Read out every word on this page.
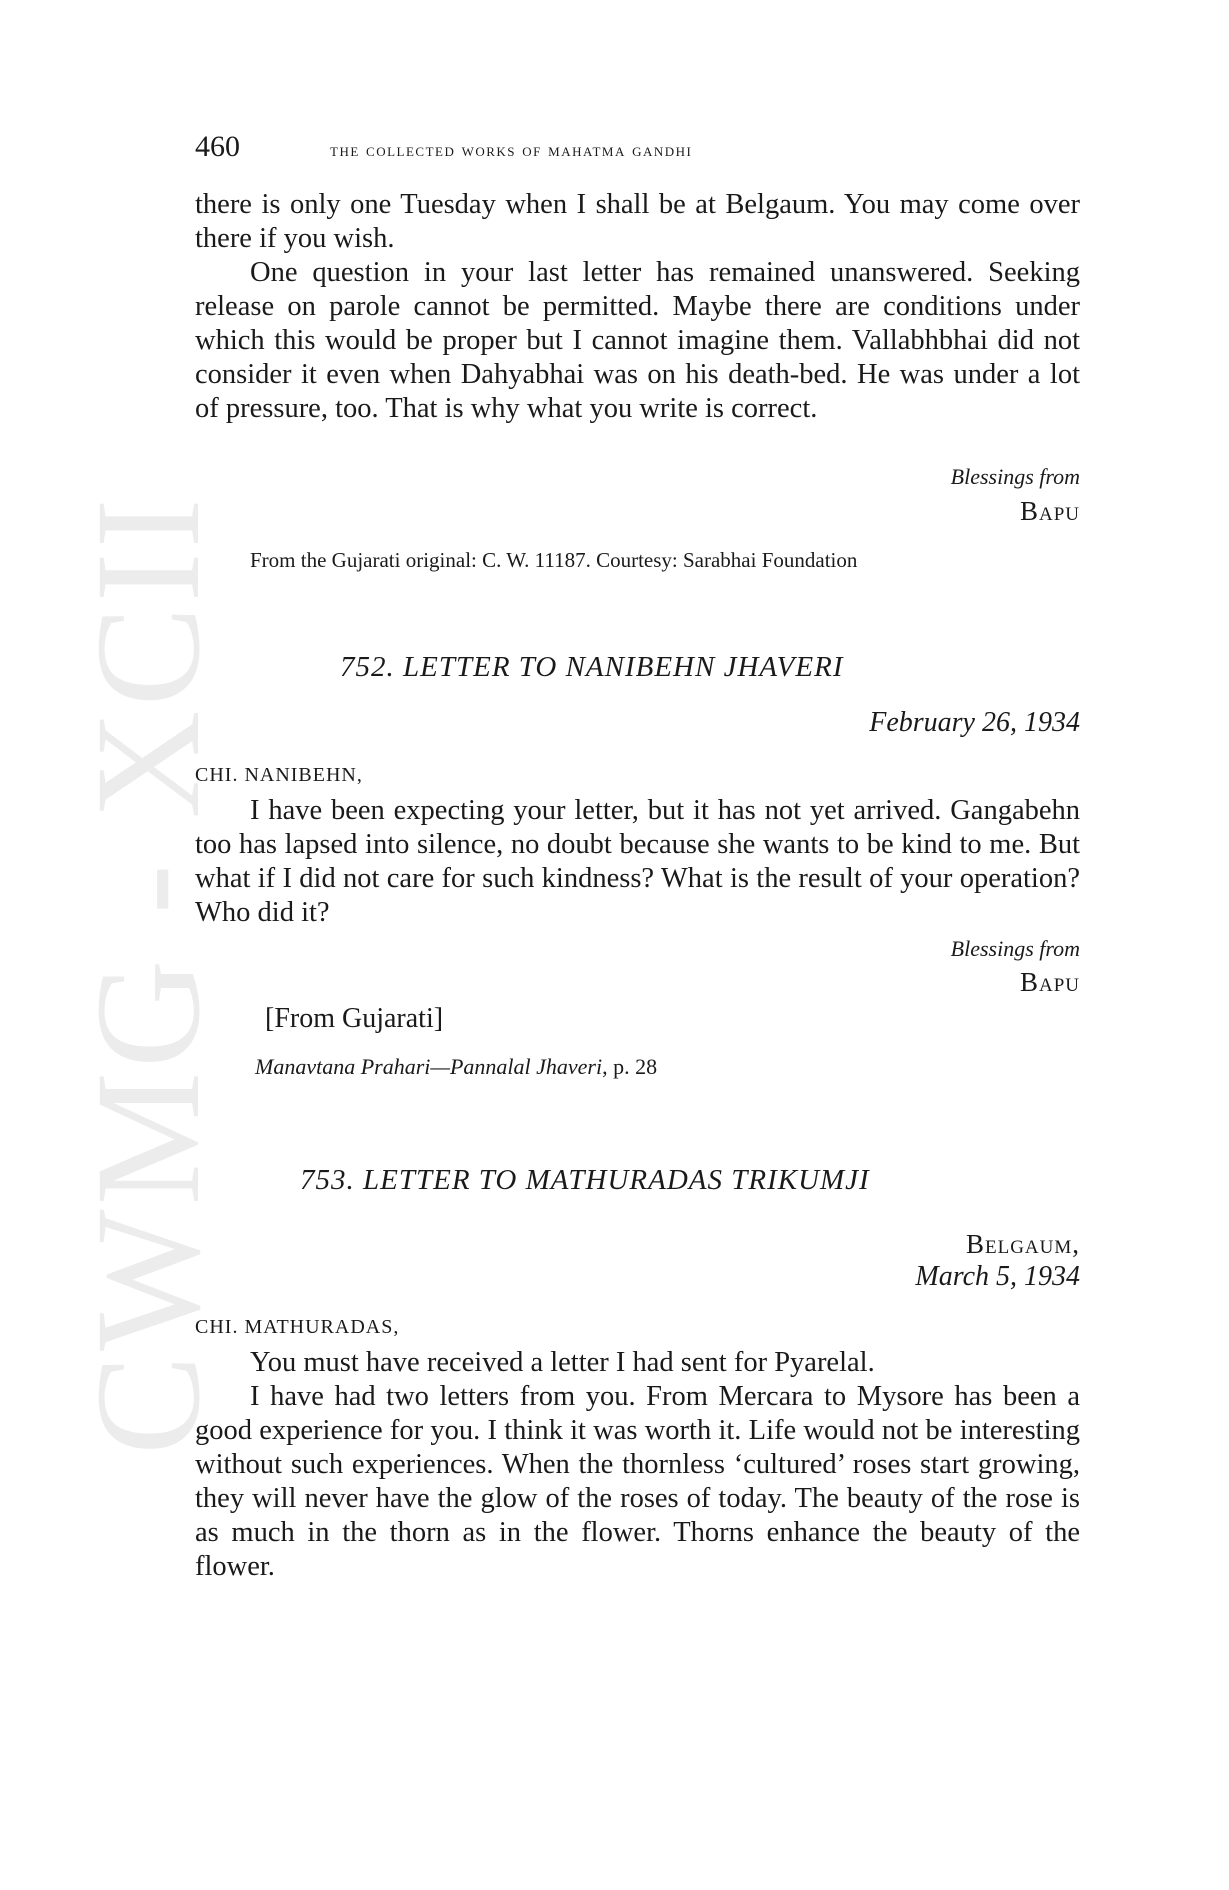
CWMG - XCII
460	the collected works of mahatma gandhi

there is only one Tuesday when I shall be at Belgaum. You may come over there if you wish.

One question in your last letter has remained unanswered. Seeking release on parole cannot be permitted. Maybe there are conditions under which this would be proper but I cannot imagine them. Vallabhbhai did not consider it even when Dahyabhai was on his death-bed. He was under a lot of pressure, too. That is why what you write is correct.

Blessings from
Bapu
From the Gujarati original: C. W. 11187. Courtesy: Sarabhai Foundation
752. LETTER TO NANIBEHN JHAVERI
February 26, 1934
CHI. NANIBEHN,

I have been expecting your letter, but it has not yet arrived. Gangabehn too has lapsed into silence, no doubt because she wants to be kind to me. But what if I did not care for such kindness? What is the result of your operation? Who did it?

Blessings from
Bapu
[From Gujarati]
Manavtana Prahari—Pannalal Jhaveri, p. 28
753. LETTER TO MATHURADAS TRIKUMJI
Belgaum,
March 5, 1934
CHI. MATHURADAS,

You must have received a letter I had sent for Pyarelal.

I have had two letters from you. From Mercara to Mysore has been a good experience for you. I think it was worth it. Life would not be interesting without such experiences. When the thornless ‘cultured’ roses start growing, they will never have the glow of the roses of today. The beauty of the rose is as much in the thorn as in the flower. Thorns enhance the beauty of the flower.
